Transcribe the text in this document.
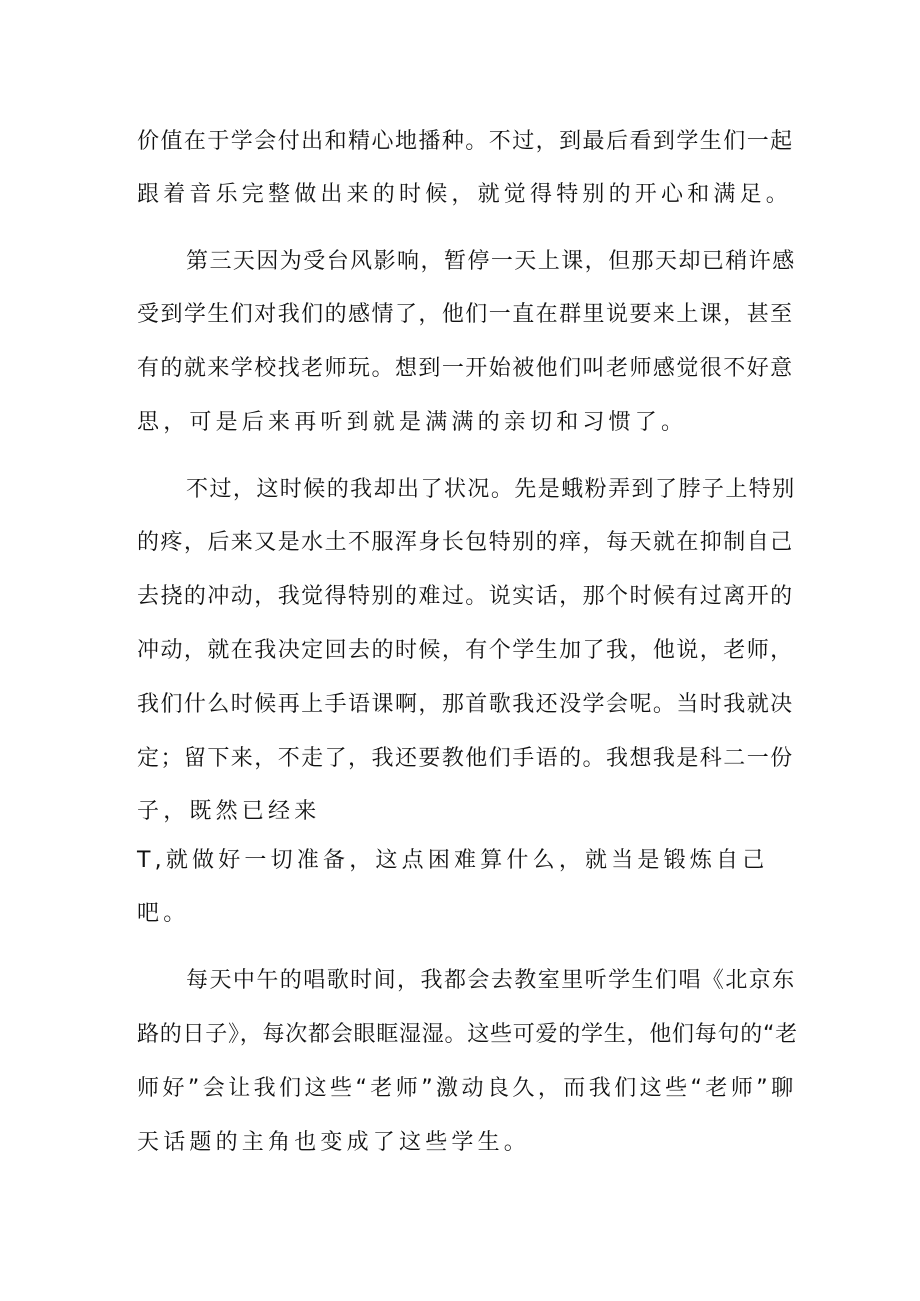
价值在于学会付出和精心地播种。不过，到最后看到学生们一起
跟着音乐完整做出来的时候，就觉得特别的开心和满足。
第三天因为受台风影响，暂停一天上课，但那天却已稍许感
受到学生们对我们的感情了，他们一直在群里说要来上课，甚至
有的就来学校找老师玩。想到一开始被他们叫老师感觉很不好意
思，可是后来再听到就是满满的亲切和习惯了。
不过，这时候的我却出了状况。先是蛾粉弄到了脖子上特别
的疼，后来又是水土不服浑身长包特别的痒，每天就在抑制自己
去挠的冲动，我觉得特别的难过。说实话，那个时候有过离开的
冲动，就在我决定回去的时候，有个学生加了我，他说，老师，
我们什么时候再上手语课啊，那首歌我还没学会呢。当时我就决
定；留下来，不走了，我还要教他们手语的。我想我是科二一份
子，既然已经来
T,就做好一切准备，这点困难算什么，就当是锻炼自己
吧。
每天中午的唱歌时间，我都会去教室里听学生们唱《北京东
路的日子》，每次都会眼眶湿湿。这些可爱的学生，他们每句的“老
师好”会让我们这些“老师”激动良久，而我们这些“老师”聊
天话题的主角也变成了这些学生。
